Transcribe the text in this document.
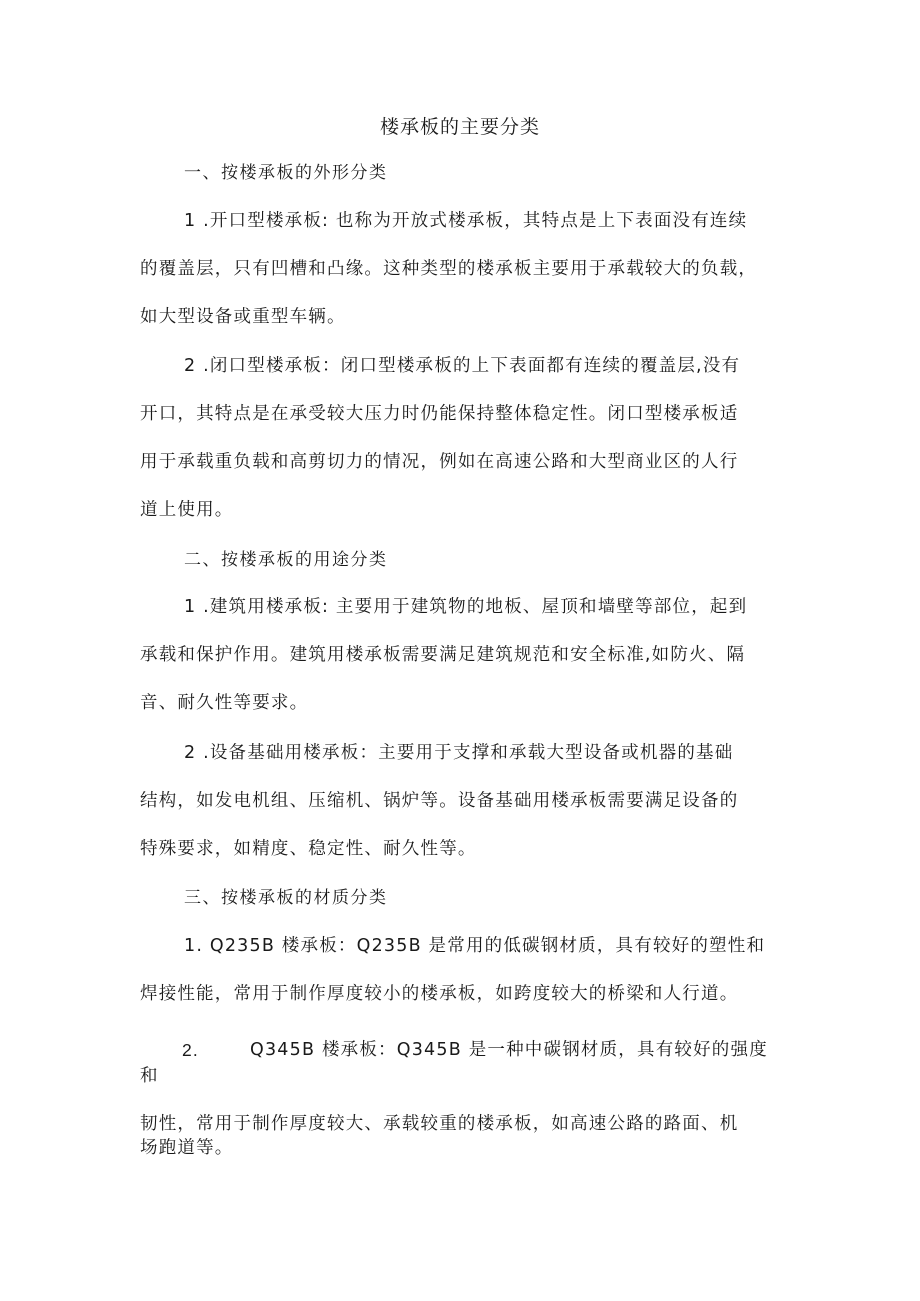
楼承板的主要分类
一、按楼承板的外形分类
1 .开口型楼承板: 也称为开放式楼承板，其特点是上下表面没有连续
的覆盖层，只有凹槽和凸缘。这种类型的楼承板主要用于承载较大的负载，
如大型设备或重型车辆。
2 .闭口型楼承板：闭口型楼承板的上下表面都有连续的覆盖层,没有
开口，其特点是在承受较大压力时仍能保持整体稳定性。闭口型楼承板适
用于承载重负载和高剪切力的情况，例如在高速公路和大型商业区的人行
道上使用。
二、按楼承板的用途分类
1 .建筑用楼承板: 主要用于建筑物的地板、屋顶和墙壁等部位，起到
承载和保护作用。建筑用楼承板需要满足建筑规范和安全标准,如防火、隔
音、耐久性等要求。
2 .设备基础用楼承板：主要用于支撑和承载大型设备或机器的基础
结构，如发电机组、压缩机、锅炉等。设备基础用楼承板需要满足设备的
特殊要求，如精度、稳定性、耐久性等。
三、按楼承板的材质分类
1. Q235B 楼承板：Q235B 是常用的低碳钢材质，具有较好的塑性和
焊接性能，常用于制作厚度较小的楼承板，如跨度较大的桥梁和人行道。
2.	Q345B 楼承板：Q345B 是一种中碳钢材质，具有较好的强度
和
韧性，常用于制作厚度较大、承载较重的楼承板，如高速公路的路面、机
场跑道等。
